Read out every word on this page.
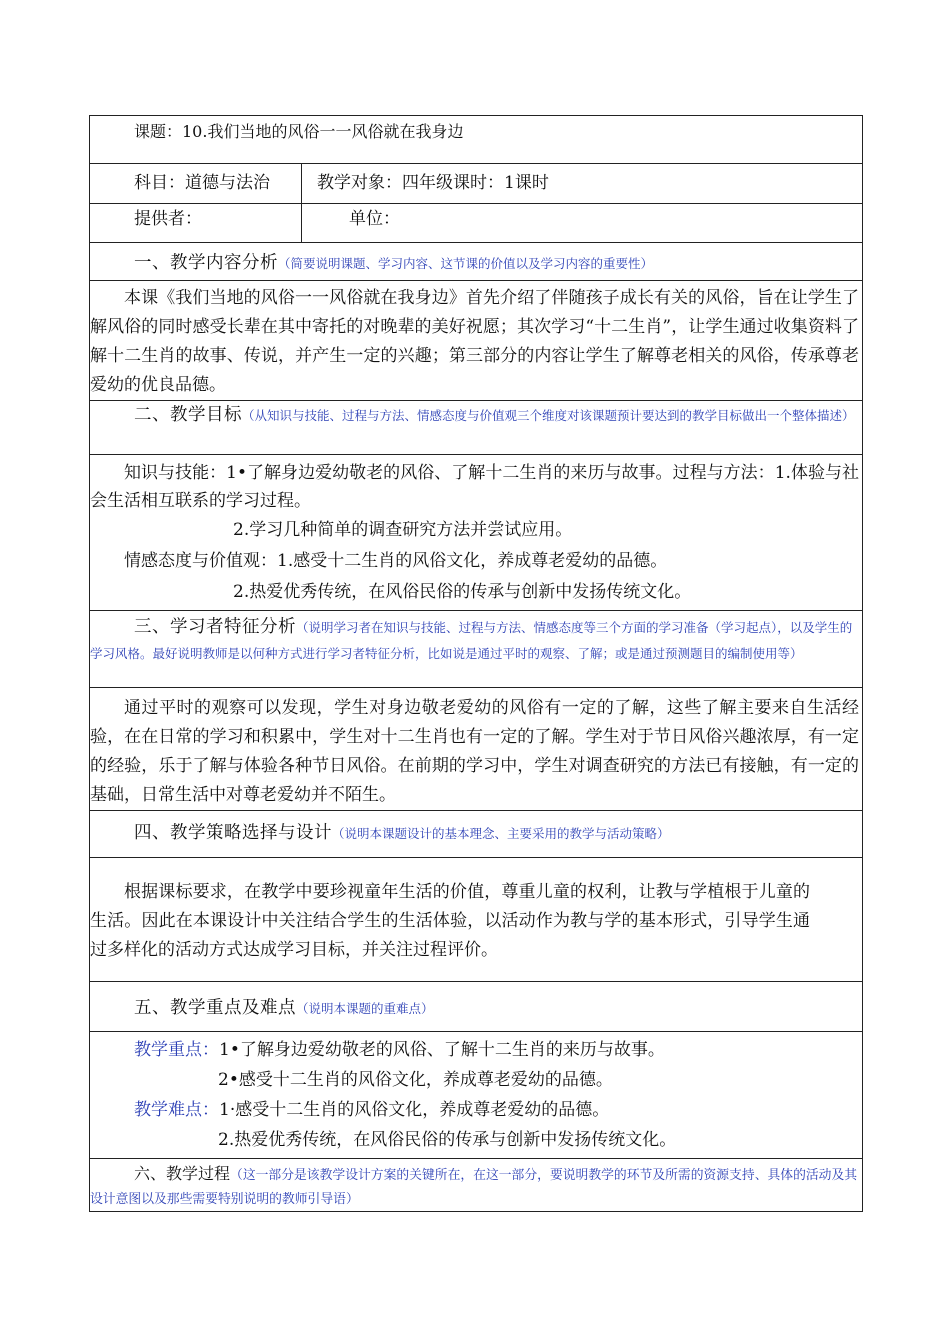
课题：10.我们当地的风俗一一风俗就在我身边	

科目：道德与法治	教学对象：四年级课时：1课时

提供者：	单位：

一、教学内容分析（简要说明课题、学习内容、这节课的价值以及学习内容的重要性）	

本课《我们当地的风俗一一风俗就在我身边》首先介绍了伴随孩子成长有关的风俗，旨在让学生了解风俗的同时感受长辈在其中寄托的对晚辈的美好祝愿；其次学习“十二生肖”，让学生通过收集资料了解十二生肖的故事、传说，并产生一定的兴趣；第三部分的内容让学生了解尊老相关的风俗，传承尊老爱幼的优良品德。	

二、教学目标（从知识与技能、过程与方法、情感态度与价值观三个维度对该课题预计要达到的教学目标做出一个整体描述）	

知识与技能：1•了解身边爱幼敬老的风俗、了解十二生肖的来历与故事。过程与方法：1.体验与社会生活相互联系的学习过程。

2.学习几种简单的调查研究方法并尝试应用。

情感态度与价值观：1.感受十二生肖的风俗文化，养成尊老爱幼的品德。

2.热爱优秀传统，在风俗民俗的传承与创新中发扬传统文化。	

三、学习者特征分析（说明学习者在知识与技能、过程与方法、情感态度等三个方面的学习准备（学习起点），以及学生的学习风格。最好说明教师是以何种方式进行学习者特征分析，比如说是通过平时的观察、了解；或是通过预测题目的编制使用等）	

通过平时的观察可以发现，学生对身边敬老爱幼的风俗有一定的了解，这些了解主要来自生活经验，在在日常的学习和积累中，学生对十二生肖也有一定的了解。学生对于节日风俗兴趣浓厚，有一定的经验，乐于了解与体验各种节日风俗。在前期的学习中，学生对调查研究的方法已有接触，有一定的基础，日常生活中对尊老爱幼并不陌生。	

四、教学策略选择与设计（说明本课题设计的基本理念、主要采用的教学与活动策略）	

根据课标要求，在教学中要珍视童年生活的价值，尊重儿童的权利，让教与学植根于儿童的生活。因此在本课设计中关注结合学生的生活体验，以活动作为教与学的基本形式，引导学生通过多样化的活动方式达成学习目标，并关注过程评价。	

五、教学重点及难点（说明本课题的重难点）	

教学重点：1•了解身边爱幼敬老的风俗、了解十二生肖的来历与故事。

2•感受十二生肖的风俗文化，养成尊老爱幼的品德。

教学难点：1·感受十二生肖的风俗文化，养成尊老爱幼的品德。

2.热爱优秀传统，在风俗民俗的传承与创新中发扬传统文化。	

六、教学过程（这一部分是该教学设计方案的关键所在，在这一部分，要说明教学的环节及所需的资源支持、具体的活动及其设计意图以及那些需要特别说明的教师引导语）	
